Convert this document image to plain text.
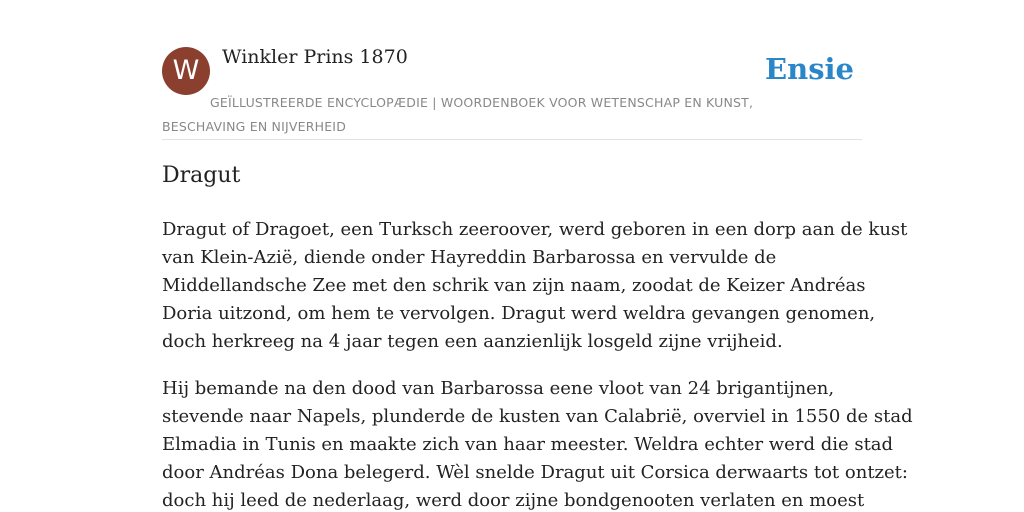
W	Winkler Prins 1870	Ensie
GEÏLLUSTREERDE ENCYCLOPÆDIE | WOORDENBOEK VOOR WETENSCHAP EN KUNST, BESCHAVING EN NIJVERHEID
Dragut

Dragut of Dragoet, een Turksch zeeroover, werd geboren in een dorp aan de kust
van Klein-Azië, diende onder Hayreddin Barbarossa en vervulde de
Middellandsche Zee met den schrik van zijn naam, zoodat de Keizer Andréas
Doria uitzond, om hem te vervolgen. Dragut werd weldra gevangen genomen,
doch herkreeg na 4 jaar tegen een aanzienlijk losgeld zijne vrijheid.

Hij bemande na den dood van Barbarossa eene vloot van 24 brigantijnen,
stevende naar Napels, plunderde de kusten van Calabrië, overviel in 1550 de stad
Elmadia in Tunis en maakte zich van haar meester. Weldra echter werd die stad
door Andréas Dona belegerd. Wèl snelde Dragut uit Corsica derwaarts tot ontzet:
doch hij leed de nederlaag, werd door zijne bondgenooten verlaten en moest
